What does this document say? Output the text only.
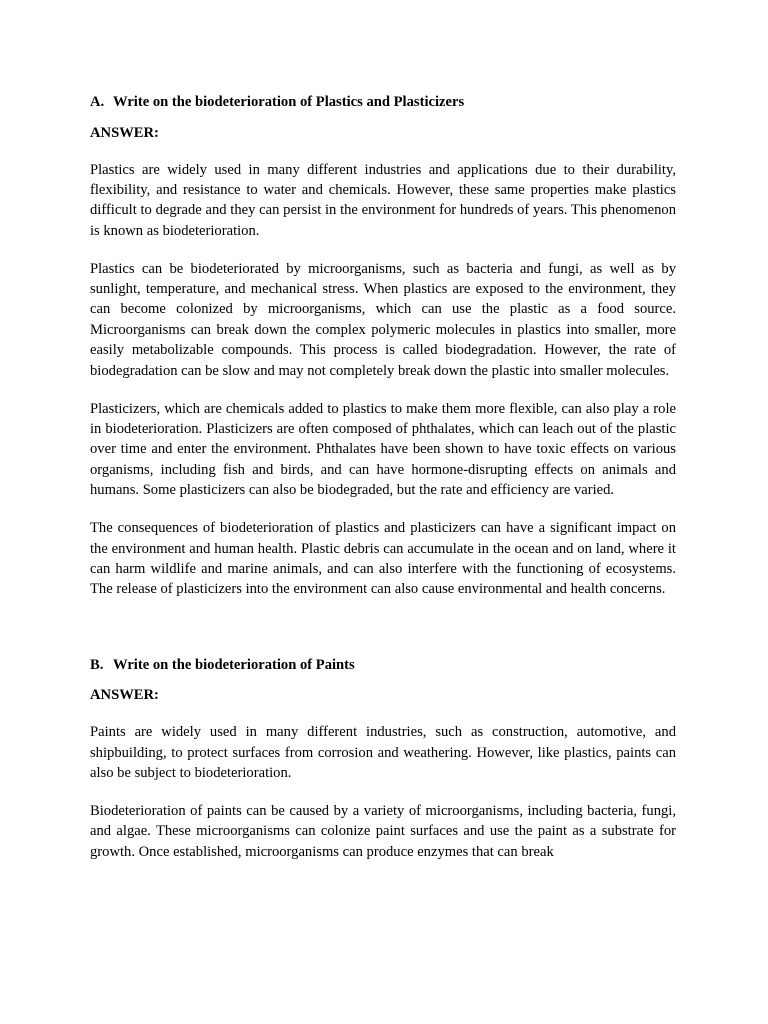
A. Write on the biodeterioration of Plastics and Plasticizers
ANSWER:

Plastics are widely used in many different industries and applications due to their durability, flexibility, and resistance to water and chemicals. However, these same properties make plastics difficult to degrade and they can persist in the environment for hundreds of years. This phenomenon is known as biodeterioration.

Plastics can be biodeteriorated by microorganisms, such as bacteria and fungi, as well as by sunlight, temperature, and mechanical stress. When plastics are exposed to the environment, they can become colonized by microorganisms, which can use the plastic as a food source. Microorganisms can break down the complex polymeric molecules in plastics into smaller, more easily metabolizable compounds. This process is called biodegradation. However, the rate of biodegradation can be slow and may not completely break down the plastic into smaller molecules.

Plasticizers, which are chemicals added to plastics to make them more flexible, can also play a role in biodeterioration. Plasticizers are often composed of phthalates, which can leach out of the plastic over time and enter the environment. Phthalates have been shown to have toxic effects on various organisms, including fish and birds, and can have hormone-disrupting effects on animals and humans. Some plasticizers can also be biodegraded, but the rate and efficiency are varied.

The consequences of biodeterioration of plastics and plasticizers can have a significant impact on the environment and human health. Plastic debris can accumulate in the ocean and on land, where it can harm wildlife and marine animals, and can also interfere with the functioning of ecosystems. The release of plasticizers into the environment can also cause environmental and health concerns.

B. Write on the biodeterioration of Paints
ANSWER:

Paints are widely used in many different industries, such as construction, automotive, and shipbuilding, to protect surfaces from corrosion and weathering. However, like plastics, paints can also be subject to biodeterioration.

Biodeterioration of paints can be caused by a variety of microorganisms, including bacteria, fungi, and algae. These microorganisms can colonize paint surfaces and use the paint as a substrate for growth. Once established, microorganisms can produce enzymes that can break
